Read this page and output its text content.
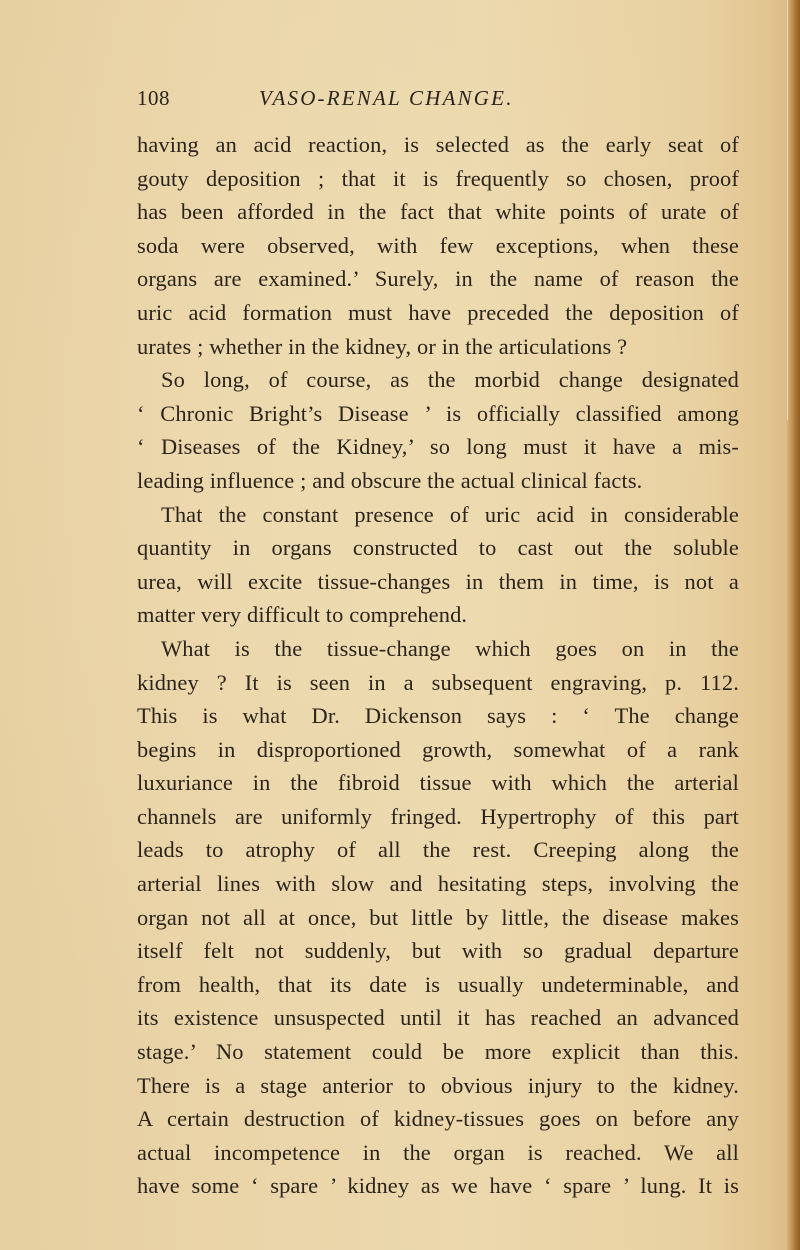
108	VASO-RENAL CHANGE.
having an acid reaction, is selected as the early seat of
gouty deposition ; that it is frequently so chosen, proof
has been afforded in the fact that white points of urate of
soda were observed, with few exceptions, when these
organs are examined.’ Surely, in the name of reason the
uric acid formation must have preceded the deposition of
urates ; whether in the kidney, or in the articulations ?
So long, of course, as the morbid change designated
‘ Chronic Bright’s Disease ’ is officially classified among
‘ Diseases of the Kidney,’ so long must it have a mis-
leading influence ; and obscure the actual clinical facts.
That the constant presence of uric acid in considerable
quantity in organs constructed to cast out the soluble
urea, will excite tissue-changes in them in time, is not a
matter very difficult to comprehend.
What is the tissue-change which goes on in the
kidney ? It is seen in a subsequent engraving, p. 112.
This is what Dr. Dickenson says : ‘ The change
begins in disproportioned growth, somewhat of a rank
luxuriance in the fibroid tissue with which the arterial
channels are uniformly fringed. Hypertrophy of this part
leads to atrophy of all the rest. Creeping along the
arterial lines with slow and hesitating steps, involving the
organ not all at once, but little by little, the disease makes
itself felt not suddenly, but with so gradual departure
from health, that its date is usually undeterminable, and
its existence unsuspected until it has reached an advanced
stage.’ No statement could be more explicit than this.
There is a stage anterior to obvious injury to the kidney.
A certain destruction of kidney-tissues goes on before any
actual incompetence in the organ is reached. We all
have some ‘ spare ’ kidney as we have ‘ spare ’ lung. It is
